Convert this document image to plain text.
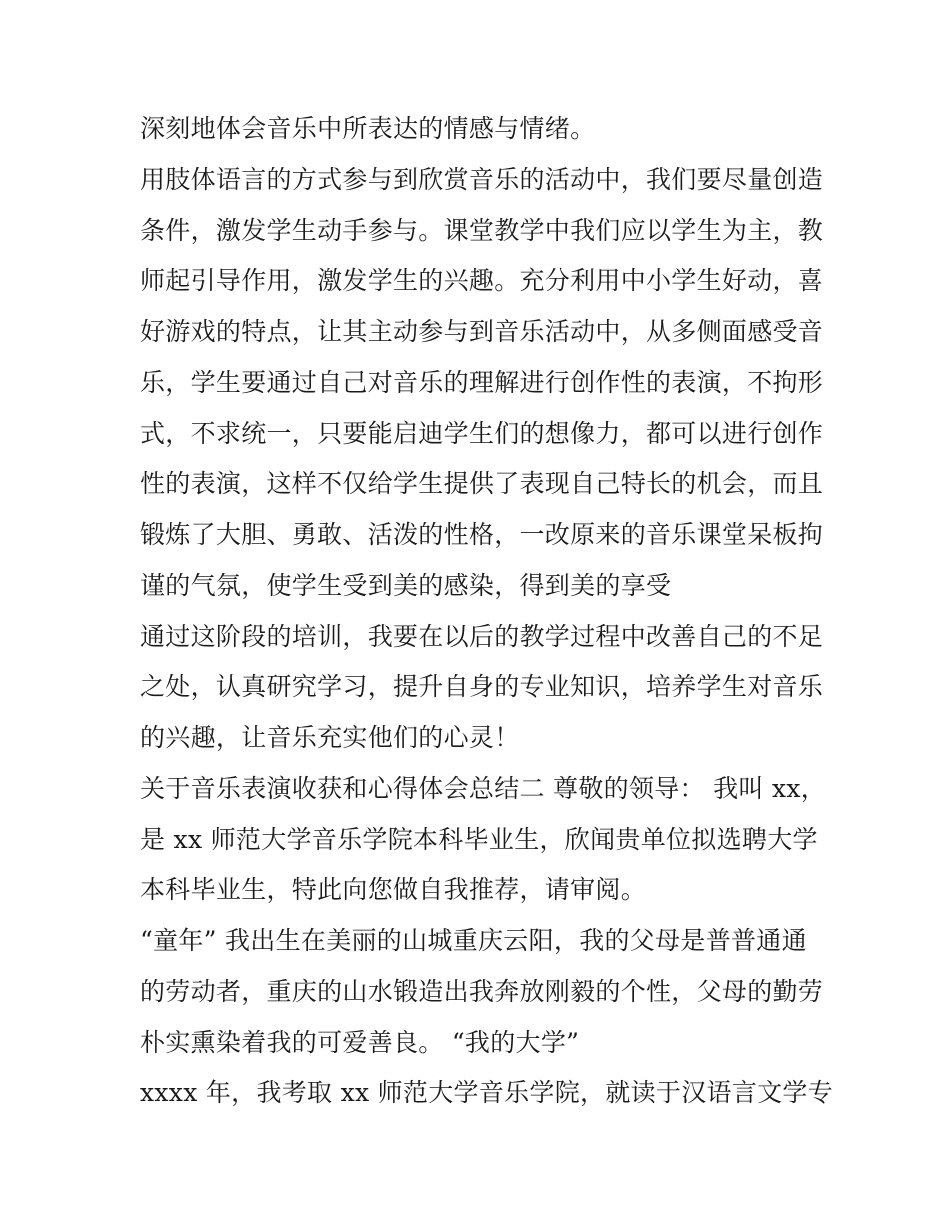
深刻地体会音乐中所表达的情感与情绪。
用肢体语言的方式参与到欣赏音乐的活动中，我们要尽量创造
条件，激发学生动手参与。课堂教学中我们应以学生为主，教
师起引导作用，激发学生的兴趣。充分利用中小学生好动，喜
好游戏的特点，让其主动参与到音乐活动中，从多侧面感受音
乐，学生要通过自己对音乐的理解进行创作性的表演，不拘形
式，不求统一，只要能启迪学生们的想像力，都可以进行创作
性的表演，这样不仅给学生提供了表现自己特长的机会，而且
锻炼了大胆、勇敢、活泼的性格，一改原来的音乐课堂呆板拘
谨的气氛，使学生受到美的感染，得到美的享受
通过这阶段的培训，我要在以后的教学过程中改善自己的不足
之处，认真研究学习，提升自身的专业知识，培养学生对音乐
的兴趣，让音乐充实他们的心灵！
关于音乐表演收获和心得体会总结二 尊敬的领导： 我叫 xx，
是 xx 师范大学音乐学院本科毕业生，欣闻贵单位拟选聘大学
本科毕业生，特此向您做自我推荐，请审阅。
“童年” 我出生在美丽的山城重庆云阳，我的父母是普普通通
的劳动者，重庆的山水锻造出我奔放刚毅的个性，父母的勤劳
朴实熏染着我的可爱善良。 “我的大学”
xxxx 年，我考取 xx 师范大学音乐学院，就读于汉语言文学专
